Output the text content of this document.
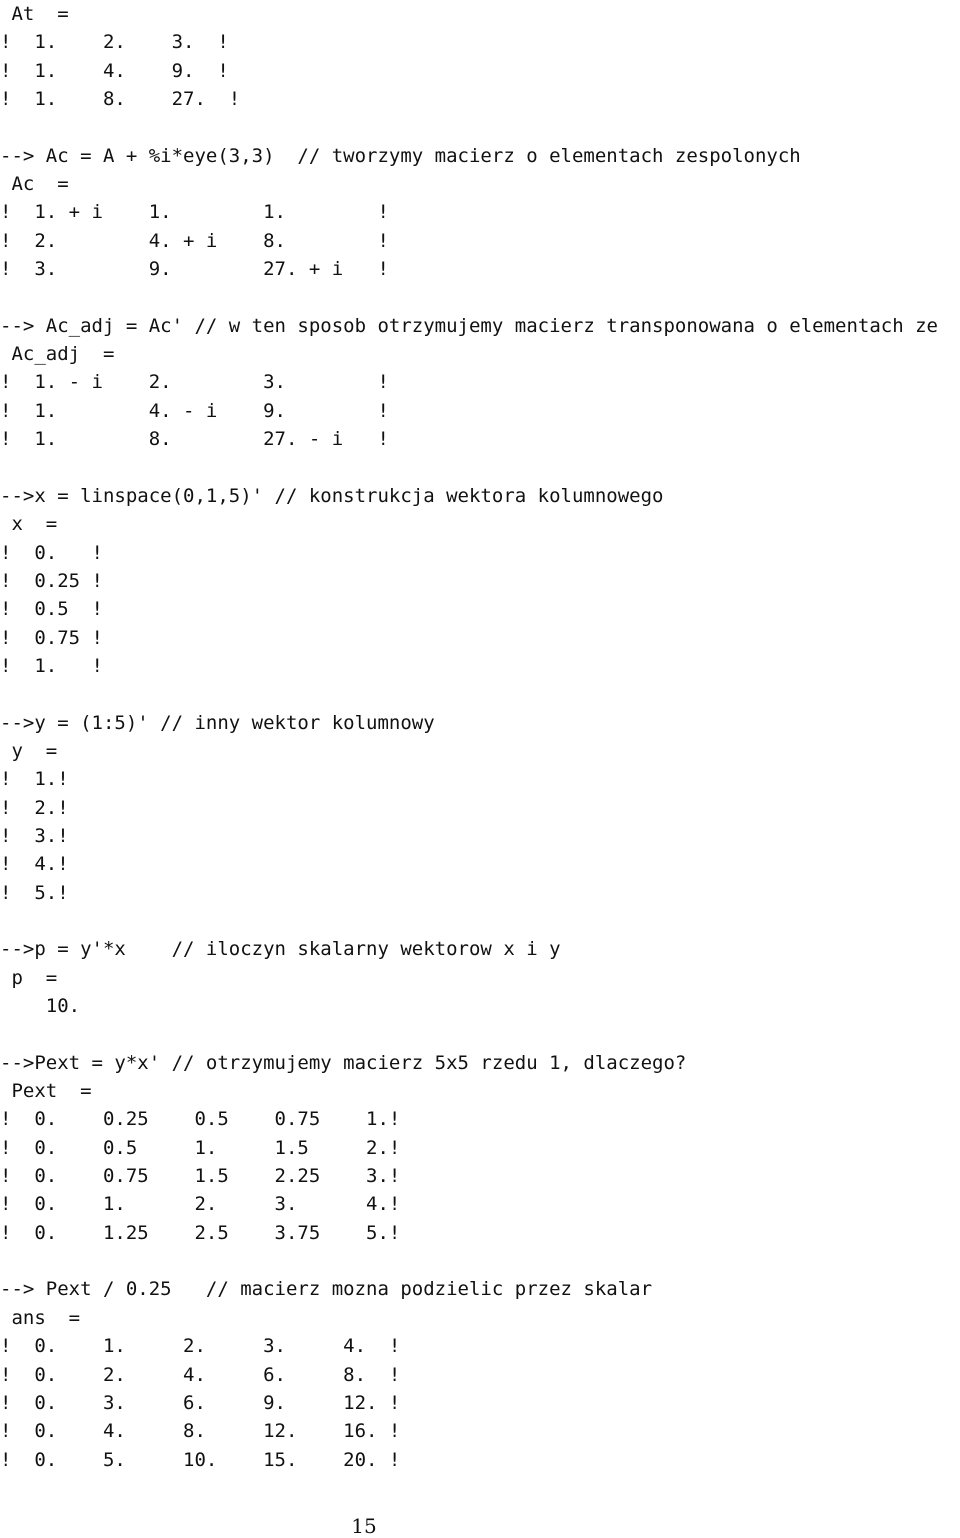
At  =
!  1.    2.    3.  !
!  1.    4.    9.  !
!  1.    8.    27.  !
--> Ac = A + %i*eye(3,3)  // tworzymy macierz o elementach zespolonych
Ac  =
!  1. + i    1.        1.        !
!  2.        4. + i    8.        !
!  3.        9.        27. + i   !
--> Ac_adj = Ac' // w ten sposob otrzymujemy macierz transponowana o elementach ze
Ac_adj  =
!  1. - i    2.        3.        !
!  1.        4. - i    9.        !
!  1.        8.        27. - i   !
-->x = linspace(0,1,5)' // konstrukcja wektora kolumnowego
x  =
!  0.   !
!  0.25 !
!  0.5  !
!  0.75 !
!  1.   !
-->y = (1:5)' // inny wektor kolumnowy
y  =
!  1.!
!  2.!
!  3.!
!  4.!
!  5.!
-->p = y'*x    // iloczyn skalarny wektorow x i y
p  =
10.
-->Pext = y*x' // otrzymujemy macierz 5x5 rzedu 1, dlaczego?
Pext  =
!  0.    0.25    0.5    0.75    1.!
!  0.    0.5     1.     1.5     2.!
!  0.    0.75    1.5    2.25    3.!
!  0.    1.      2.     3.      4.!
!  0.    1.25    2.5    3.75    5.!
--> Pext / 0.25   // macierz mozna podzielic przez skalar
ans  =
!  0.    1.     2.     3.     4.  !
!  0.    2.     4.     6.     8.  !
!  0.    3.     6.     9.     12. !
!  0.    4.     8.     12.    16. !
!  0.    5.     10.    15.    20. !
15
